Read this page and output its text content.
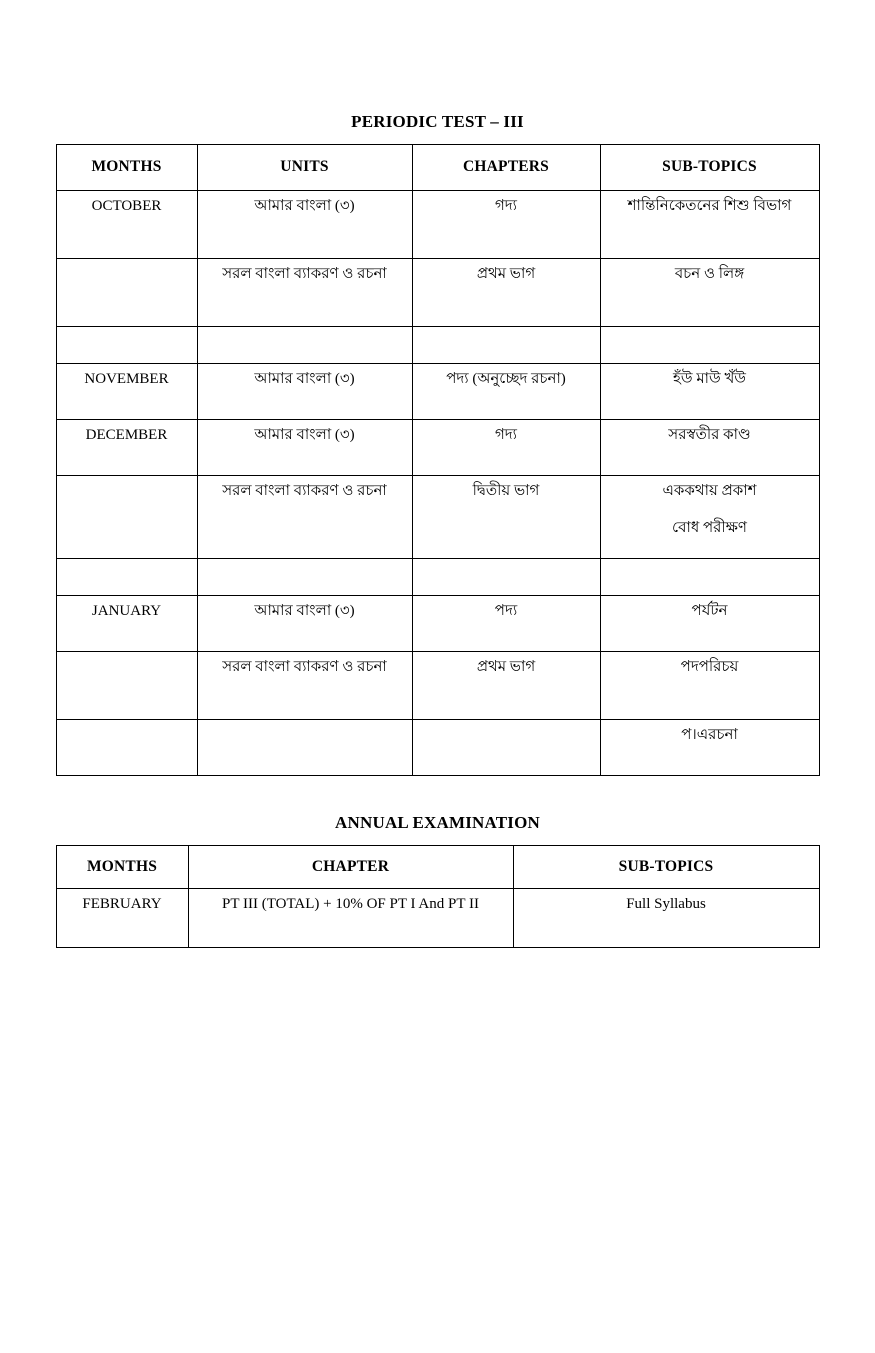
PERIODIC TEST – III
MONTHS	UNITS	CHAPTERS	SUB-TOPICS
OCTOBER	আমার বাংলা (৩)	গদ্য	শান্তিনিকেতনের শিশু বিভাগ
	সরল বাংলা ব্যাকরণ ও রচনা	প্রথম ভাগ	বচন ও লিঙ্গ

NOVEMBER	আমার বাংলা (৩)	পদ্য (অনুচ্ছেদ রচনা)	হঁউ মাউ খঁউ
DECEMBER	আমার বাংলা (৩)	গদ্য	সরস্বতীর কাণ্ড
	সরল বাংলা ব্যাকরণ ও রচনা	দ্বিতীয় ভাগ	এককথায় প্রকাশ
বোধ পরীক্ষণ

JANUARY	আমার বাংলা (৩)	পদ্য	পর্যটন
	সরল বাংলা ব্যাকরণ ও রচনা	প্রথম ভাগ	পদপরিচয়
			প।এরচনা
ANNUAL EXAMINATION
MONTHS	CHAPTER	SUB-TOPICS
FEBRUARY	PT III (TOTAL) + 10% OF PT I And PT II	Full Syllabus
